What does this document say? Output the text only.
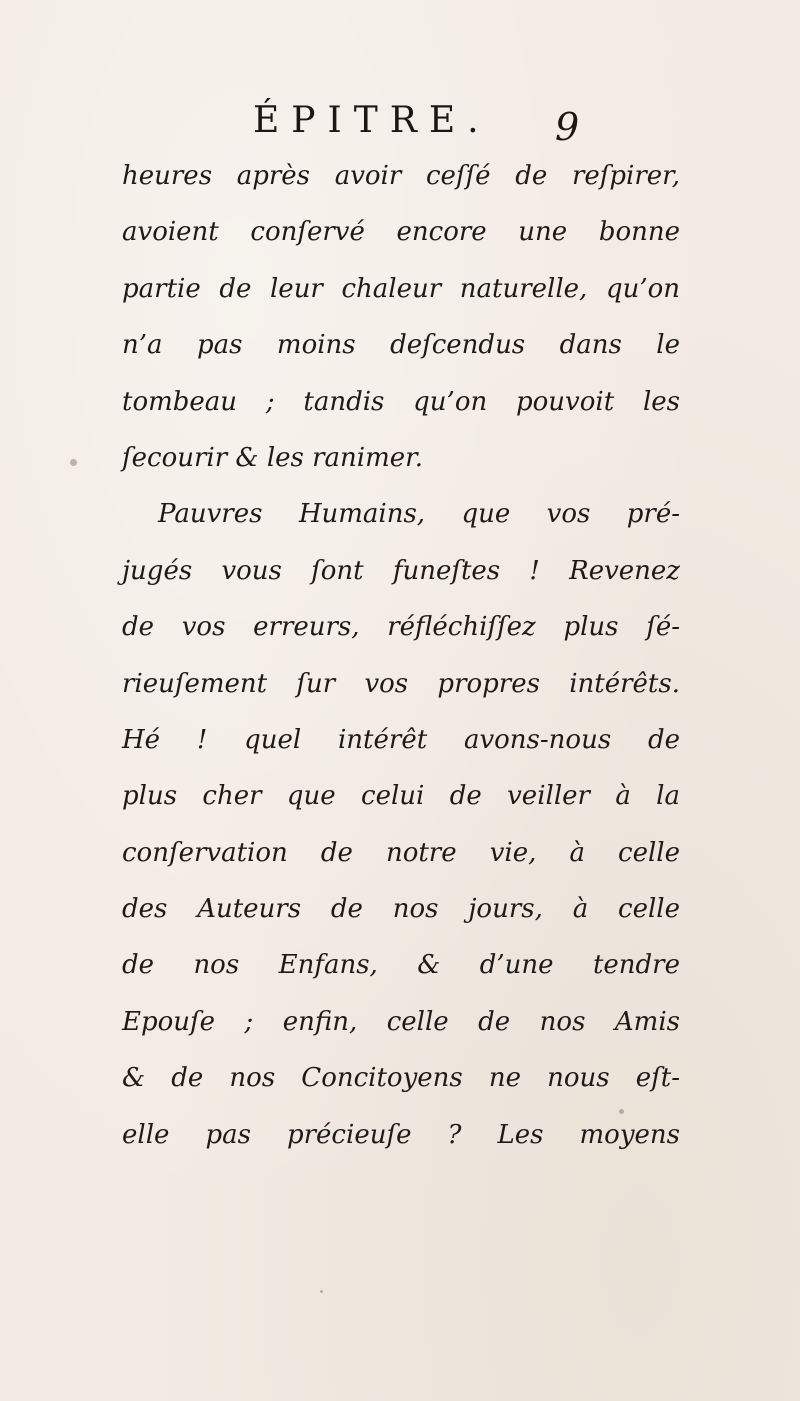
ÉPITRE. 9
heures après avoir ceſſé de reſpirer,
avoient conſervé encore une bonne
partie de leur chaleur naturelle, qu’on
n’a pas moins deſcendus dans le
tombeau ; tandis qu’on pouvoit les
ſecourir & les ranimer.
Pauvres Humains, que vos pré-
jugés vous ſont funeſtes ! Revenez
de vos erreurs, réfléchiſſez plus ſé-
rieuſement ſur vos propres intérêts.
Hé ! quel intérêt avons-nous de
plus cher que celui de veiller à la
conſervation de notre vie, à celle
des Auteurs de nos jours, à celle
de nos Enfans, & d’une tendre
Epouſe ; enfin, celle de nos Amis
& de nos Concitoyens ne nous eſt-
elle pas précieuſe ? Les moyens
